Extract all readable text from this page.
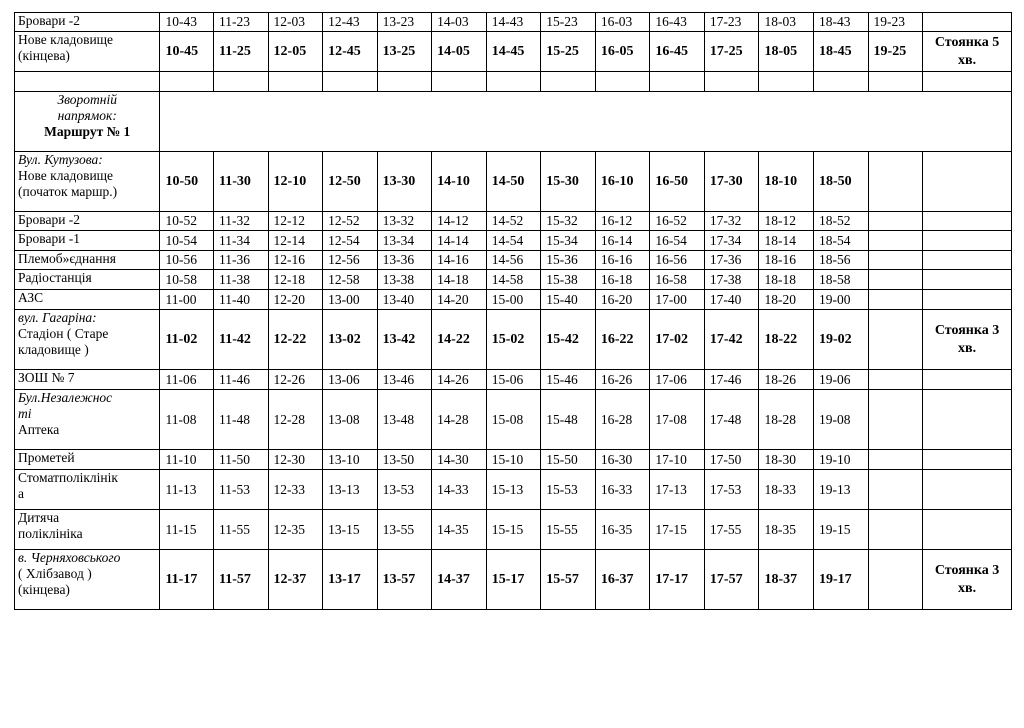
Бровари -2	10-43	11-23	12-03	12-43	13-23	14-03	14-43	15-23	16-03	16-43	17-23	18-03	18-43	19-23	

Нове кладовище
(кінцева)	10-45	11-25	12-05	12-45	13-25	14-05	14-45	15-25	16-05	16-45	17-25	18-05	18-45	19-25	Стоянка 5 хв.

Зворотній
напрямок:
Маршрут № 1															

Вул. Кутузова:
Нове кладовище
(початок маршр.)	10-50	11-30	12-10	12-50	13-30	14-10	14-50	15-30	16-10	16-50	17-30	18-10	18-50		

Бровари -2	10-52	11-32	12-12	12-52	13-32	14-12	14-52	15-32	16-12	16-52	17-32	18-12	18-52		

Бровари -1	10-54	11-34	12-14	12-54	13-34	14-14	14-54	15-34	16-14	16-54	17-34	18-14	18-54		

Племоб»єднання	10-56	11-36	12-16	12-56	13-36	14-16	14-56	15-36	16-16	16-56	17-36	18-16	18-56		

Радіостанція	10-58	11-38	12-18	12-58	13-38	14-18	14-58	15-38	16-18	16-58	17-38	18-18	18-58		

АЗС	11-00	11-40	12-20	13-00	13-40	14-20	15-00	15-40	16-20	17-00	17-40	18-20	19-00		

вул. Гагаріна:
Стадіон ( Старе
кладовище )	11-02	11-42	12-22	13-02	13-42	14-22	15-02	15-42	16-22	17-02	17-42	18-22	19-02		Стоянка 3 хв.

ЗОШ № 7	11-06	11-46	12-26	13-06	13-46	14-26	15-06	15-46	16-26	17-06	17-46	18-26	19-06		

Бул.Незалежнос
ті
Аптека	11-08	11-48	12-28	13-08	13-48	14-28	15-08	15-48	16-28	17-08	17-48	18-28	19-08		

Прометей	11-10	11-50	12-30	13-10	13-50	14-30	15-10	15-50	16-30	17-10	17-50	18-30	19-10		

Стоматполіклінік
а	11-13	11-53	12-33	13-13	13-53	14-33	15-13	15-53	16-33	17-13	17-53	18-33	19-13		

Дитяча
поліклініка	11-15	11-55	12-35	13-15	13-55	14-35	15-15	15-55	16-35	17-15	17-55	18-35	19-15		

в. Черняховського
( Хлібзавод )
(кінцева)	11-17	11-57	12-37	13-17	13-57	14-37	15-17	15-57	16-37	17-17	17-57	18-37	19-17		Стоянка 3 хв.
